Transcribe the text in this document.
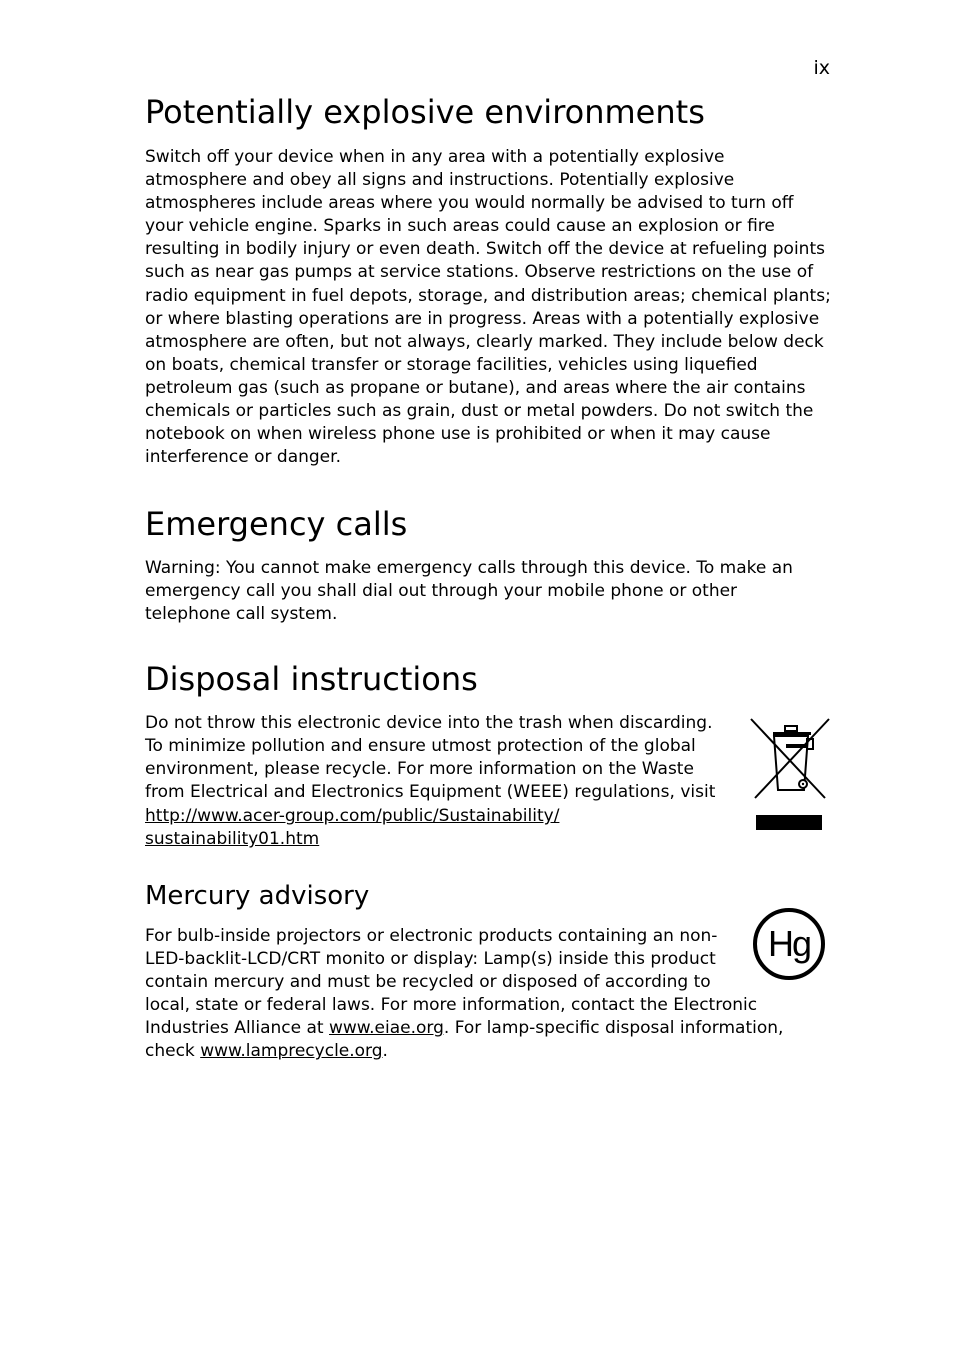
ix
Potentially explosive environments
Switch off your device when in any area with a potentially explosive
atmosphere and obey all signs and instructions. Potentially explosive
atmospheres include areas where you would normally be advised to turn off
your vehicle engine. Sparks in such areas could cause an explosion or fire
resulting in bodily injury or even death. Switch off the device at refueling points
such as near gas pumps at service stations. Observe restrictions on the use of
radio equipment in fuel depots, storage, and distribution areas; chemical plants;
or where blasting operations are in progress. Areas with a potentially explosive
atmosphere are often, but not always, clearly marked. They include below deck
on boats, chemical transfer or storage facilities, vehicles using liquefied
petroleum gas (such as propane or butane), and areas where the air contains
chemicals or particles such as grain, dust or metal powders. Do not switch the
notebook on when wireless phone use is prohibited or when it may cause
interference or danger.
Emergency calls
Warning: You cannot make emergency calls through this device. To make an
emergency call you shall dial out through your mobile phone or other
telephone call system.
Disposal instructions
Do not throw this electronic device into the trash when discarding.
To minimize pollution and ensure utmost protection of the global
environment, please recycle. For more information on the Waste
from Electrical and Electronics Equipment (WEEE) regulations, visit
http://www.acer-group.com/public/Sustainability/
sustainability01.htm
Mercury advisory
For bulb-inside projectors or electronic products containing an non-
LED-backlit-LCD/CRT monito or display: Lamp(s) inside this product
contain mercury and must be recycled or disposed of according to
local, state or federal laws. For more information, contact the Electronic
Industries Alliance at www.eiae.org. For lamp-specific disposal information,
check www.lamprecycle.org.
Hg
